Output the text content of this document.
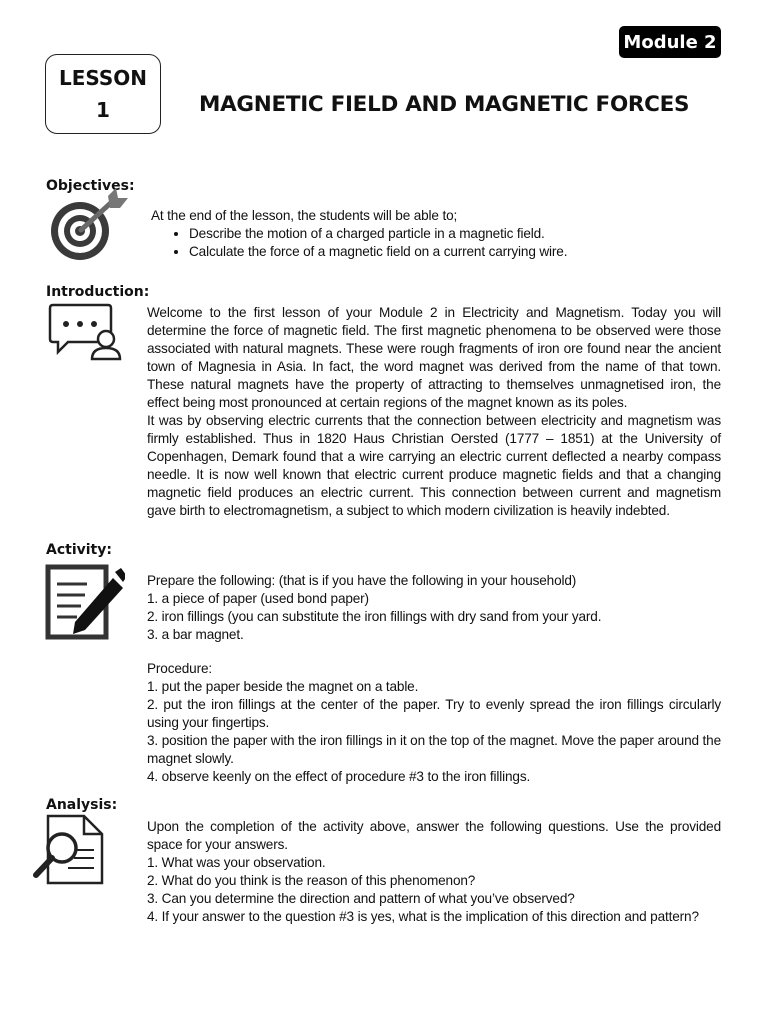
Module 2
LESSON
1	MAGNETIC FIELD AND MAGNETIC FORCES
Objectives:
At the end of the lesson, the students will be able to;
• Describe the motion of a charged particle in a magnetic field.
• Calculate the force of a magnetic field on a current carrying wire.
Introduction:

Welcome to the first lesson of your Module 2 in Electricity and Magnetism. Today you will determine the force of magnetic field. The first magnetic phenomena to be observed were those associated with natural magnets. These were rough fragments of iron ore found near the ancient town of Magnesia in Asia. In fact, the word magnet was derived from the name of that town. These natural magnets have the property of attracting to themselves unmagnetised iron, the effect being most pronounced at certain regions of the magnet known as its poles.

It was by observing electric currents that the connection between electricity and magnetism was firmly established. Thus in 1820 Haus Christian Oersted (1777 – 1851) at the University of Copenhagen, Demark found that a wire carrying an electric current deflected a nearby compass needle. It is now well known that electric current produce magnetic fields and that a changing magnetic field produces an electric current. This connection between current and magnetism gave birth to electromagnetism, a subject to which modern civilization is heavily indebted.

Activity:
Prepare the following: (that is if you have the following in your household)
1. a piece of paper (used bond paper)
2. iron fillings (you can substitute the iron fillings with dry sand from your yard.
3. a bar magnet.
Procedure:
1. put the paper beside the magnet on a table.
2. put the iron fillings at the center of the paper. Try to evenly spread the iron fillings circularly using your fingertips.
3. position the paper with the iron fillings in it on the top of the magnet. Move the paper around the magnet slowly.
4. observe keenly on the effect of procedure #3 to the iron fillings.
Analysis:

Upon the completion of the activity above, answer the following questions. Use the provided space for your answers.

1. What was your observation.
2. What do you think is the reason of this phenomenon?
3. Can you determine the direction and pattern of what you’ve observed?
4. If your answer to the question #3 is yes, what is the implication of this direction and pattern?
